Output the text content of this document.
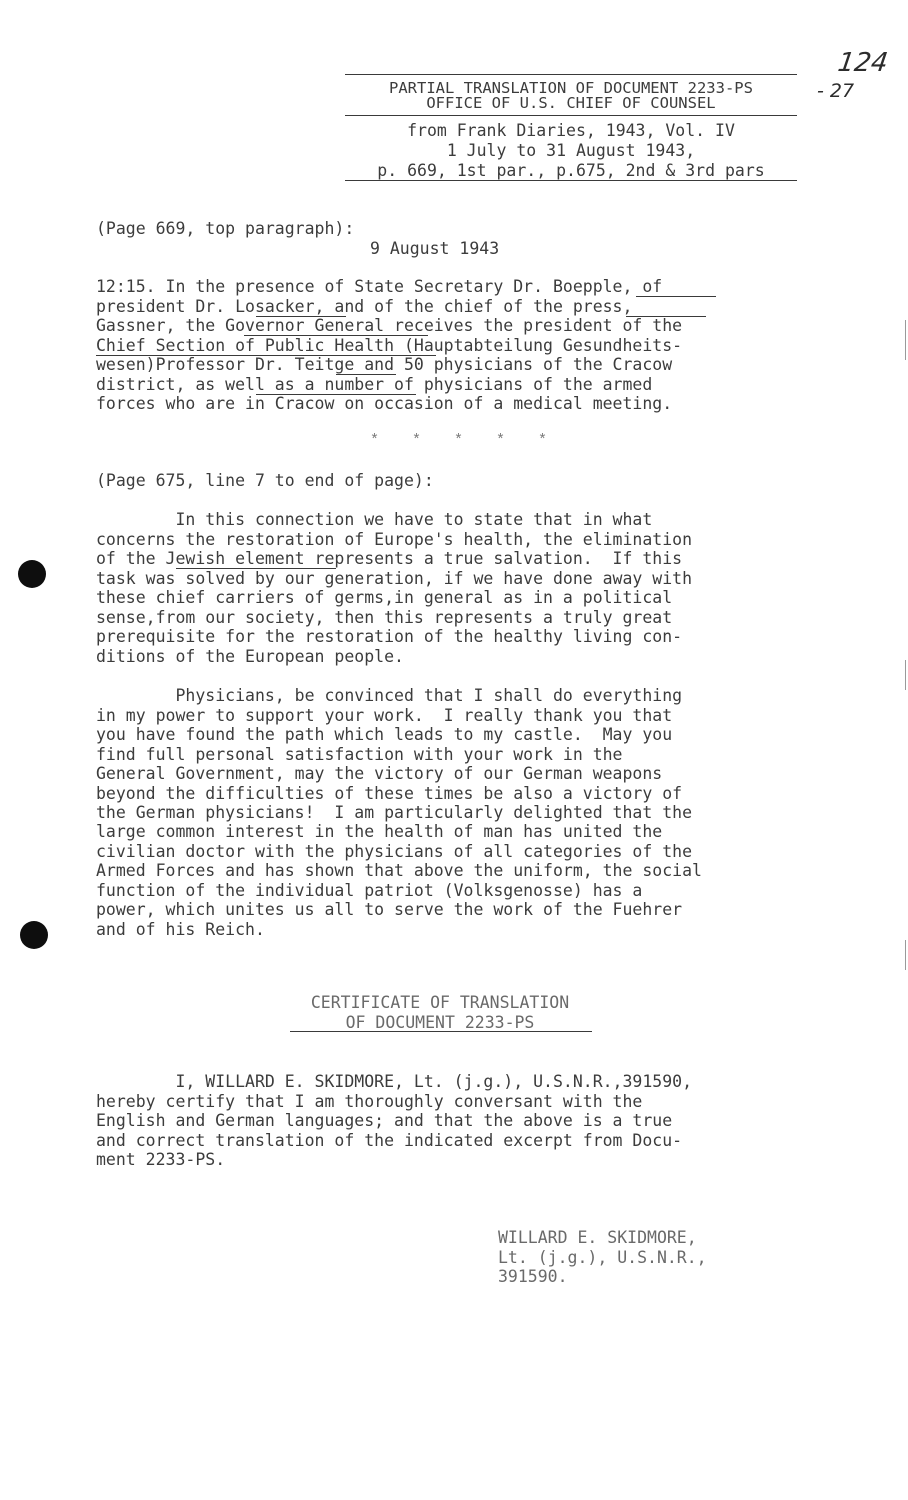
124
- 27
PARTIAL TRANSLATION OF DOCUMENT 2233-PS
OFFICE OF U.S. CHIEF OF COUNSEL
from Frank Diaries, 1943, Vol. IV
1 July to 31 August 1943,
p. 669, 1st par., p.675, 2nd & 3rd pars
(Page 669, top paragraph):
9 August 1943
12:15. In the presence of State Secretary Dr. Boepple, of
president Dr. Losacker, and of the chief of the press,
Gassner, the Governor General receives the president of the
Chief Section of Public Health (Hauptabteilung Gesundheits-
wesen)Professor Dr. Teitge and 50 physicians of the Cracow
district, as well as a number of physicians of the armed
forces who are in Cracow on occasion of a medical meeting.
* * * * *
(Page 675, line 7 to end of page):
In this connection we have to state that in what
concerns the restoration of Europe's health, the elimination
of the Jewish element represents a true salvation.  If this
task was solved by our generation, if we have done away with
these chief carriers of germs,in general as in a political
sense,from our society, then this represents a truly great
prerequisite for the restoration of the healthy living con-
ditions of the European people.
Physicians, be convinced that I shall do everything
in my power to support your work.  I really thank you that
you have found the path which leads to my castle.  May you
find full personal satisfaction with your work in the
General Government, may the victory of our German weapons
beyond the difficulties of these times be also a victory of
the German physicians!  I am particularly delighted that the
large common interest in the health of man has united the
civilian doctor with the physicians of all categories of the
Armed Forces and has shown that above the uniform, the social
function of the individual patriot (Volksgenosse) has a
power, which unites us all to serve the work of the Fuehrer
and of his Reich.
CERTIFICATE OF TRANSLATION
OF DOCUMENT 2233-PS
I, WILLARD E. SKIDMORE, Lt. (j.g.), U.S.N.R.,391590,
hereby certify that I am thoroughly conversant with the
English and German languages; and that the above is a true
and correct translation of the indicated excerpt from Docu-
ment 2233-PS.
WILLARD E. SKIDMORE,
Lt. (j.g.), U.S.N.R.,
391590.
